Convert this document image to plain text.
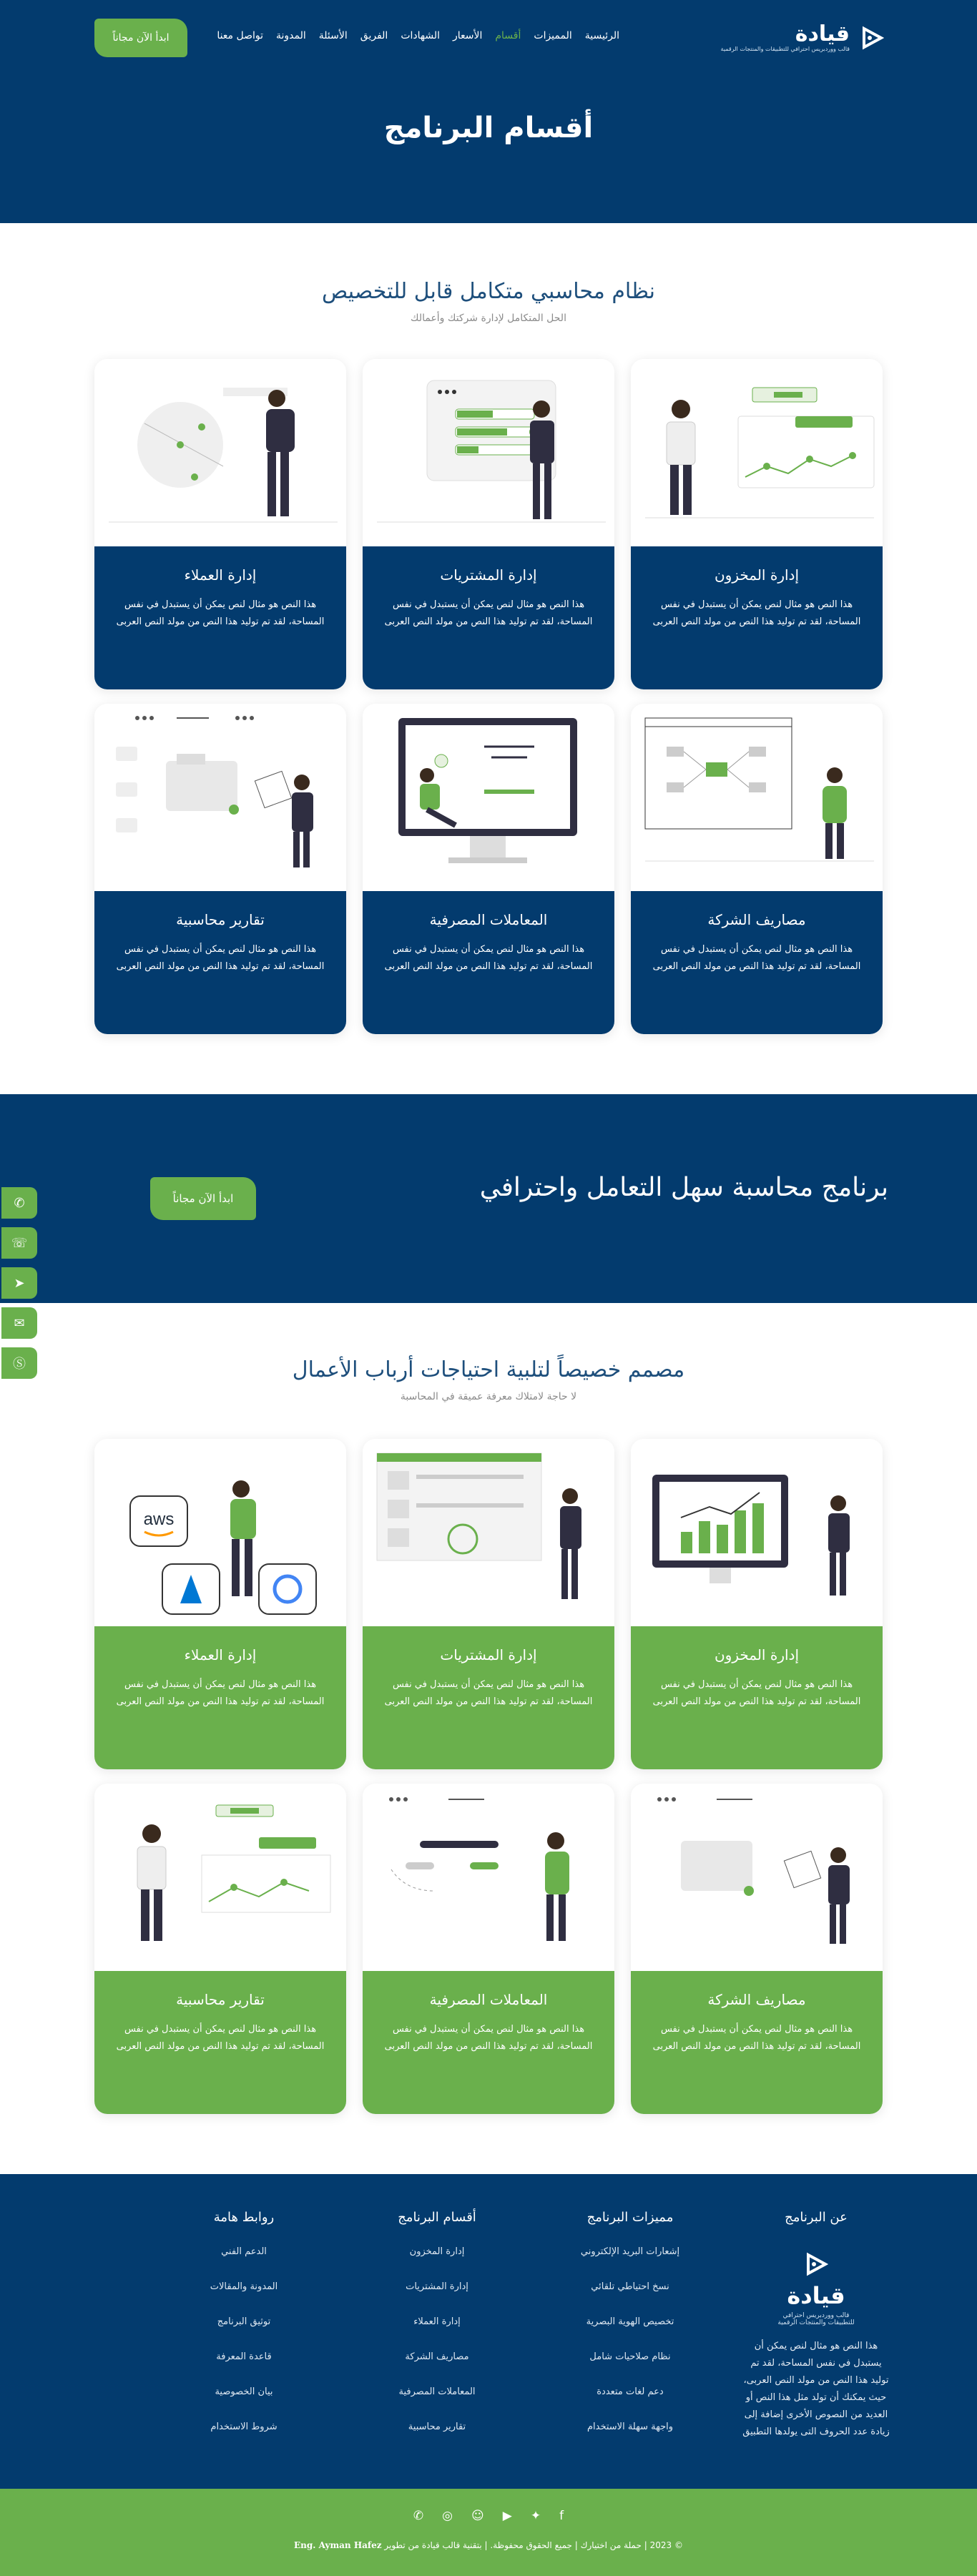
قيادة
قالب ووردبريس احترافي للتطبيقات والمنتجات الرقمية
الرئيسية
المميزات
أقسام
الأسعار
الشهادات
الفريق
الأسئلة
المدونة
تواصل معنا
ابدأ الآن مجاناً
أقسام البرنامج
نظام محاسبي متكامل قابل للتخصيص

الحل المتكامل لإدارة شركتك وأعمالك

إدارة المخزون

هذا النص هو مثال لنص يمكن أن يستبدل في نفس المساحة، لقد تم توليد هذا النص من مولد النص العربى

إدارة المشتريات

هذا النص هو مثال لنص يمكن أن يستبدل في نفس المساحة، لقد تم توليد هذا النص من مولد النص العربى

إدارة العملاء

هذا النص هو مثال لنص يمكن أن يستبدل في نفس المساحة، لقد تم توليد هذا النص من مولد النص العربى

مصاريف الشركة

هذا النص هو مثال لنص يمكن أن يستبدل في نفس المساحة، لقد تم توليد هذا النص من مولد النص العربى

المعاملات المصرفية

هذا النص هو مثال لنص يمكن أن يستبدل في نفس المساحة، لقد تم توليد هذا النص من مولد النص العربى

تقارير محاسبية

هذا النص هو مثال لنص يمكن أن يستبدل في نفس المساحة، لقد تم توليد هذا النص من مولد النص العربى

برنامج محاسبة سهل التعامل واحترافي
ابدأ الآن مجاناً
✆
☏
➤
✉
Ⓢ	مصمم خصيصاً لتلبية احتياجات أرباب الأعمال

لا حاجة لامتلاك معرفة عميقة في المحاسبة

إدارة المخزون

هذا النص هو مثال لنص يمكن أن يستبدل في نفس المساحة، لقد تم توليد هذا النص من مولد النص العربى

إدارة المشتريات

هذا النص هو مثال لنص يمكن أن يستبدل في نفس المساحة، لقد تم توليد هذا النص من مولد النص العربى

aws
إدارة العملاء

هذا النص هو مثال لنص يمكن أن يستبدل في نفس المساحة، لقد تم توليد هذا النص من مولد النص العربى

مصاريف الشركة

هذا النص هو مثال لنص يمكن أن يستبدل في نفس المساحة، لقد تم توليد هذا النص من مولد النص العربى

المعاملات المصرفية

هذا النص هو مثال لنص يمكن أن يستبدل في نفس المساحة، لقد تم توليد هذا النص من مولد النص العربى

تقارير محاسبية

هذا النص هو مثال لنص يمكن أن يستبدل في نفس المساحة، لقد تم توليد هذا النص من مولد النص العربى

عن البرنامج
قيادة
قالب ووردبريس احترافي للتطبيقات والمنتجات الرقمية

هذا النص هو مثال لنص يمكن أن يستبدل في نفس المساحة، لقد تم توليد هذا النص من مولد النص العربى، حيث يمكنك أن تولد مثل هذا النص أو العديد من النصوص الأخرى إضافة إلى زيادة عدد الحروف التى يولدها التطبيق

مميزات البرنامج
إشعارات البريد الإلكتروني
نسخ احتياطي تلقائي
تخصيص الهوية البصرية
نظام صلاحيات شامل
دعم لغات متعددة
واجهة سهلة الاستخدام
أقسام البرنامج
إدارة المخزون
إدارة المشتريات
إدارة العملاء
مصاريف الشركة
المعاملات المصرفية
تقارير محاسبية
روابط هامة
الدعم الفني
المدونة والمقالات
توثيق البرنامج
قاعدة المعرفة
بيان الخصوصية
شروط الاستخدام
✆ ◎ ☺ ▶ ✦ f
© 2023 | حملة من اختيارك | جميع الحقوق محفوظة. | بتقنية قالب قيادة من تطوير Eng. Ayman Hafez
